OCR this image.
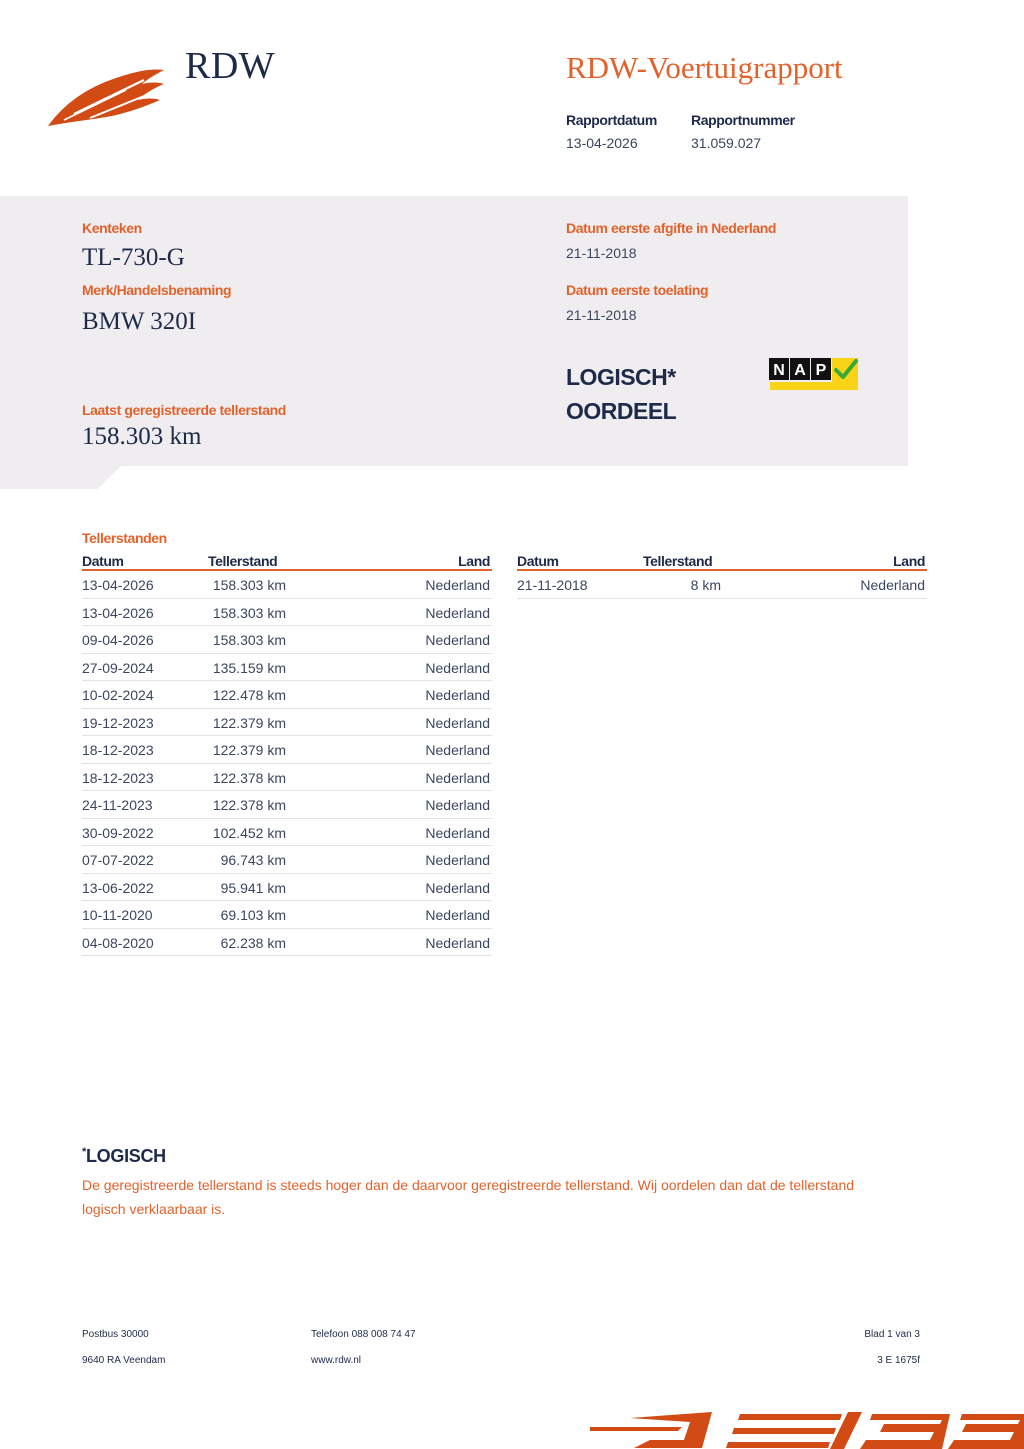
RDW	RDW-Voertuigrapport
Rapportdatum
13-04-2026
Rapportnummer
31.059.027
Kenteken
TL-730-G
Merk/Handelsbenaming
BMW 320I
Laatst geregistreerde tellerstand
158.303 km
Datum eerste afgifte in Nederland
21-11-2018
Datum eerste toelating
21-11-2018
LOGISCH*
OORDEEL
N A P
Tellerstanden
Datum	Tellerstand	Land
13-04-2026	158.303 km	Nederland
13-04-2026	158.303 km	Nederland
09-04-2026	158.303 km	Nederland
27-09-2024	135.159 km	Nederland
10-02-2024	122.478 km	Nederland
19-12-2023	122.379 km	Nederland
18-12-2023	122.379 km	Nederland
18-12-2023	122.378 km	Nederland
24-11-2023	122.378 km	Nederland
30-09-2022	102.452 km	Nederland
07-07-2022	96.743 km	Nederland
13-06-2022	95.941 km	Nederland
10-11-2020	69.103 km	Nederland
04-08-2020	62.238 km	Nederland
Datum	Tellerstand	Land
21-11-2018	8 km	Nederland
*LOGISCH
De geregistreerde tellerstand is steeds hoger dan de daarvoor geregistreerde tellerstand. Wij oordelen dan dat de tellerstand logisch verklaarbaar is.
Postbus 30000
9640 RA Veendam
Telefoon 088 008 74 47
www.rdw.nl
Blad 1 van 3
3 E 1675f
